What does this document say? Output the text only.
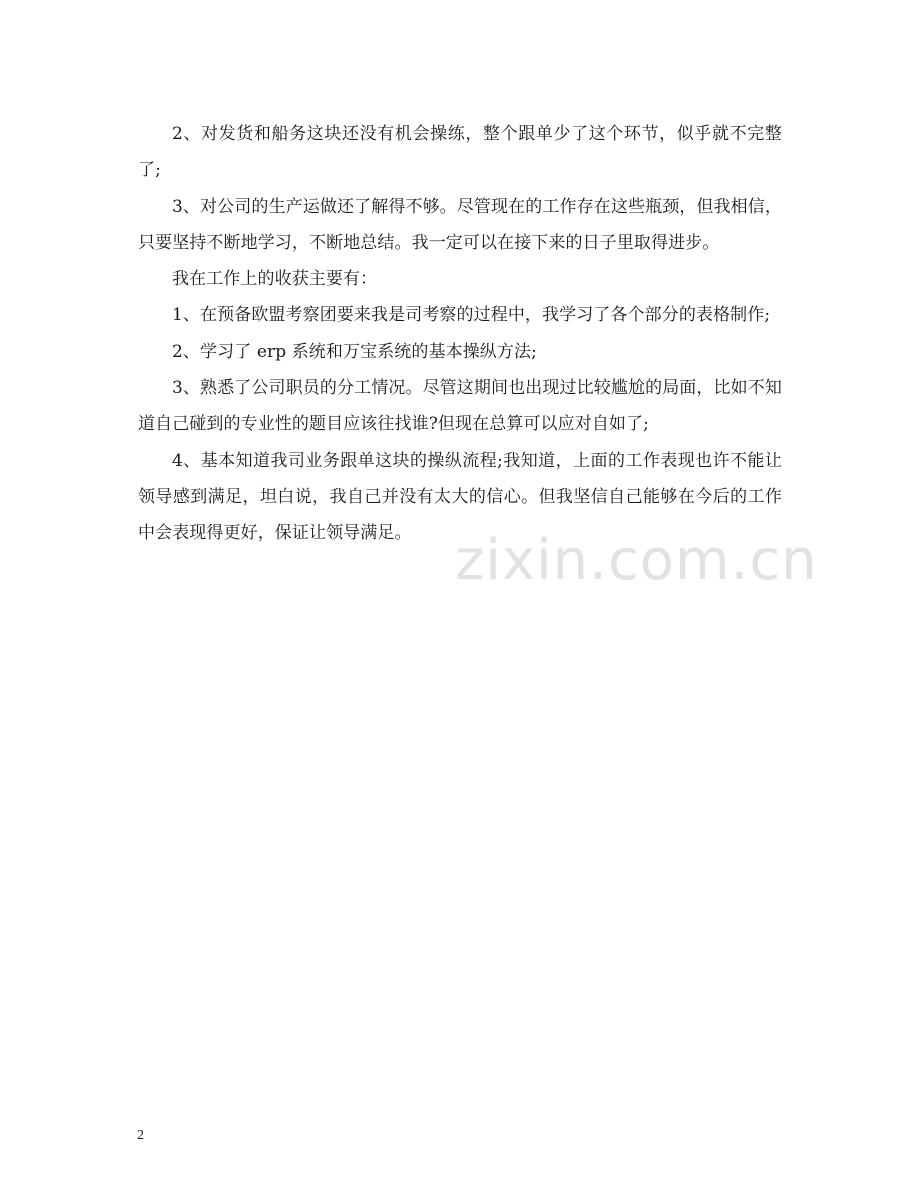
2、对发货和船务这块还没有机会操练，整个跟单少了这个环节，似乎就不完整了;

3、对公司的生产运做还了解得不够。尽管现在的工作存在这些瓶颈，但我相信，只要坚持不断地学习，不断地总结。我一定可以在接下来的日子里取得进步。

我在工作上的收获主要有：

1、在预备欧盟考察团要来我是司考察的过程中，我学习了各个部分的表格制作;

2、学习了 erp 系统和万宝系统的基本操纵方法;

3、熟悉了公司职员的分工情况。尽管这期间也出现过比较尴尬的局面，比如不知道自己碰到的专业性的题目应该往找谁?但现在总算可以应对自如了;

4、基本知道我司业务跟单这块的操纵流程;我知道，上面的工作表现也许不能让领导感到满足，坦白说，我自己并没有太大的信心。但我坚信自己能够在今后的工作中会表现得更好，保证让领导满足。 zixin.com.cn
2
